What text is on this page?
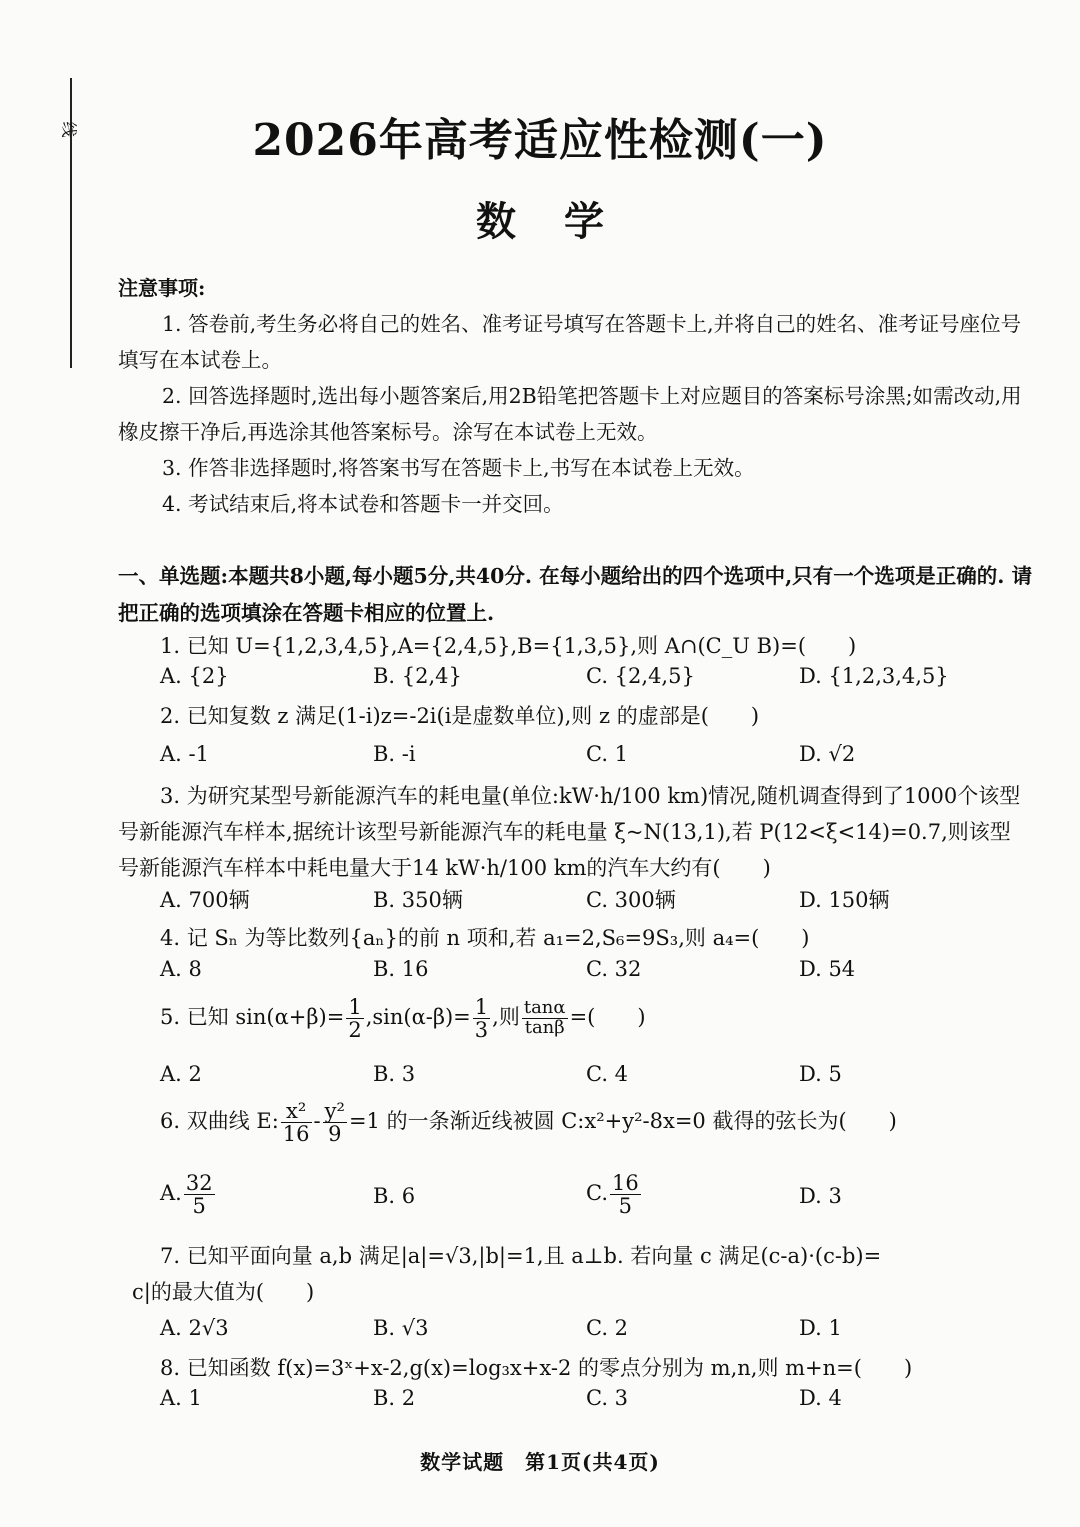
线	2026年高考适应性检测(一)
数学
注意事项:

1. 答卷前,考生务必将自己的姓名、准考证号填写在答题卡上,并将自己的姓名、准考证号座位号填写在本试卷上。

2. 回答选择题时,选出每小题答案后,用2B铅笔把答题卡上对应题目的答案标号涂黑;如需改动,用橡皮擦干净后,再选涂其他答案标号。涂写在本试卷上无效。

3. 作答非选择题时,将答案书写在答题卡上,书写在本试卷上无效。

4. 考试结束后,将本试卷和答题卡一并交回。

一、单选题:本题共8小题,每小题5分,共40分. 在每小题给出的四个选项中,只有一个选项是正确的. 请把正确的选项填涂在答题卡相应的位置上.
1. 已知 U={1,2,3,4,5},A={2,4,5},B={1,3,5},则 A∩(C_U B)=(　　)
A. {2}	B. {2,4}	C. {2,4,5}	D. {1,2,3,4,5}
2. 已知复数 z 满足(1-i)z=-2i(i是虚数单位),则 z 的虚部是(　　)
A. -1	B. -i	C. 1	D. √2
3. 为研究某型号新能源汽车的耗电量(单位:kW·h/100 km)情况,随机调查得到了1000个该型号新能源汽车样本,据统计该型号新能源汽车的耗电量 ξ~N(13,1),若 P(12<ξ<14)=0.7,则该型号新能源汽车样本中耗电量大于14 kW·h/100 km的汽车大约有(　　)
A. 700辆	B. 350辆	C. 300辆	D. 150辆
4. 记 Sₙ 为等比数列{aₙ}的前 n 项和,若 a₁=2,S₆=9S₃,则 a₄=(　　)
A. 8	B. 16	C. 32	D. 54
5. 已知 $\sin(\alpha+\beta)= \frac{1}{2} ,\sin(\alpha-\beta)= \frac{1}{3}$ ,则 $\frac{\tan\alpha}{\tan\beta}$ =(　　)
A. 2	B. 3	C. 4	D. 5
6. 双曲线 E: $\frac{\text{x²}}{16} - \frac{\text{y²}}{9} =1$ 的一条渐近线被圆 C:x²+y²-8x=0 截得的弦长为(　　)
A. $\frac{32}{5}$	B. 6	C. $\frac{16}{5}$	D. 3
7. 已知平面向量 a,b 满足|a|=√3,|b|=1,且 a⊥b. 若向量 c 满足(c-a)·(c-b)=
c|的最大值为(　　)
A. 2√3	B. √3	C. 2	D. 1
8. 已知函数 f(x)=3ˣ+x-2,g(x)=log₃x+x-2 的零点分别为 m,n,则 m+n=(　　)
A. 1	B. 2	C. 3	D. 4
数学试题　第1页(共4页)
